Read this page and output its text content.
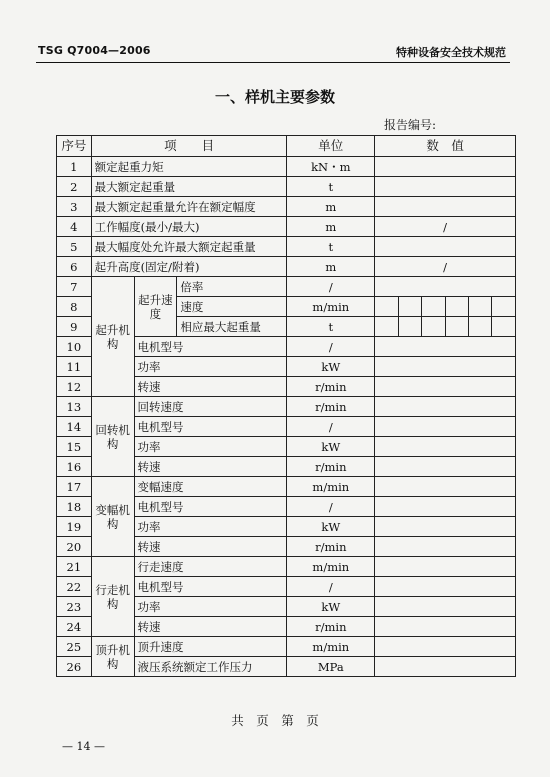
TSG Q7004—2006	特种设备安全技术规范
一、样机主要参数
报告编号:
序号	项　　目			单位	数　值					
1	额定起重力矩			kN・m						
2	最大额定起重量			t						
3	最大额定起重量允许在额定幅度			m						
4	工作幅度(最小/最大)			m	/					
5	最大幅度处允许最大额定起重量			t						
6	起升高度(固定/附着)			m	/					
7	起升机构	起升速度	倍率	/						
8			速度	m/min						
9			相应最大起重量	t						
10		电机型号		/						
11		功率		kW						
12		转速		r/min						
13	回转机构	回转速度		r/min						
14		电机型号		/						
15		功率		kW						
16		转速		r/min						
17	变幅机构	变幅速度		m/min						
18		电机型号		/						
19		功率		kW						
20		转速		r/min						
21	行走机构	行走速度		m/min						
22		电机型号		/						
23		功率		kW						
24		转速		r/min						
25	顶升机构	顶升速度		m/min						
26		液压系统额定工作压力		MPa						
共　页　第　页
— 14 —
